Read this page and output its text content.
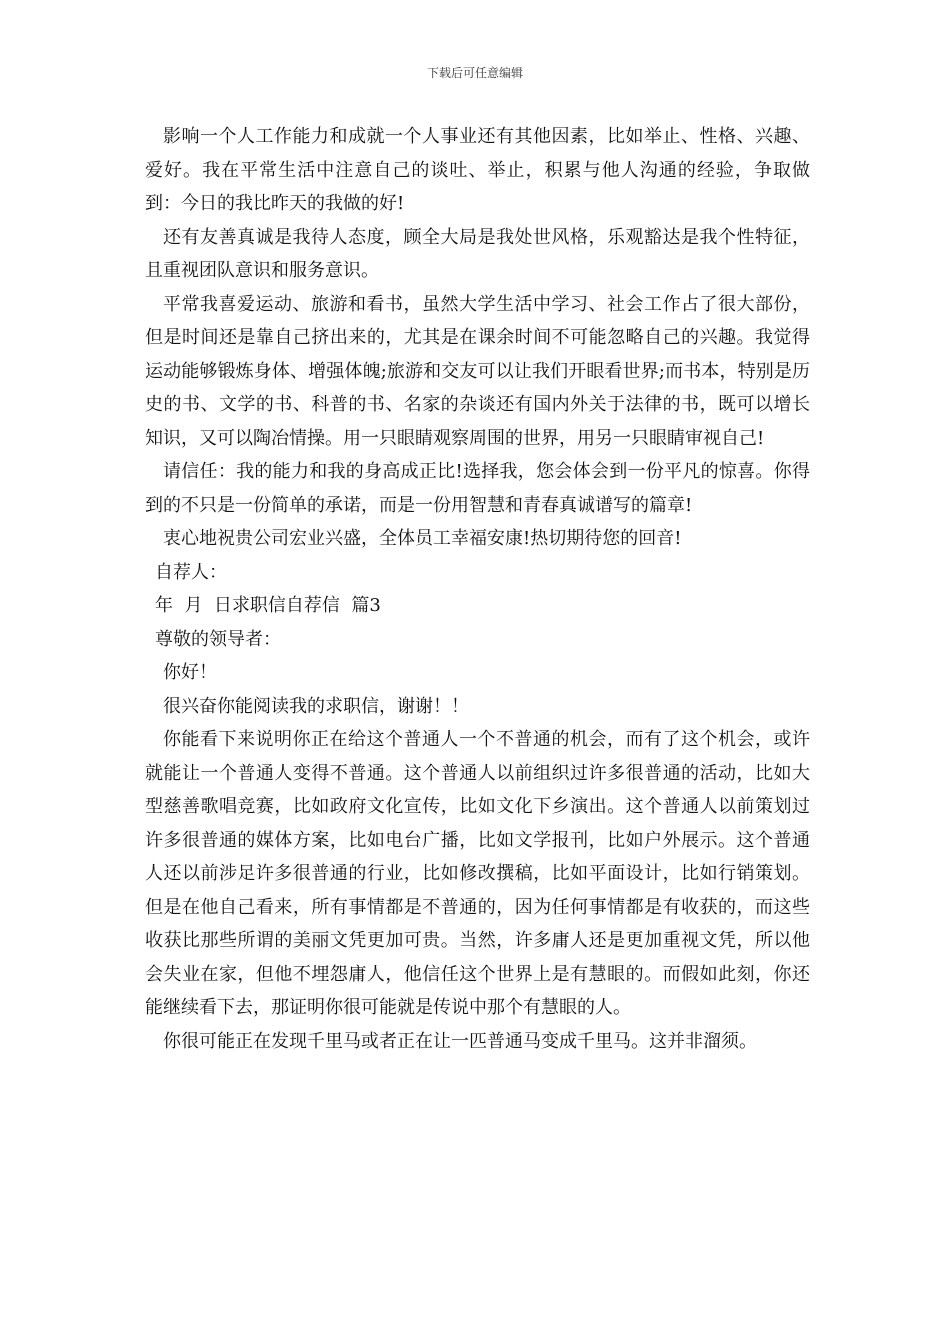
下载后可任意编辑

影响一个人工作能力和成就一个人事业还有其他因素，比如举止、性格、兴趣、爱好。我在平常生活中注意自己的谈吐、举止，积累与他人沟通的经验，争取做到：今日的我比昨天的我做的好!

还有友善真诚是我待人态度，顾全大局是我处世风格，乐观豁达是我个性特征，且重视团队意识和服务意识。

平常我喜爱运动、旅游和看书，虽然大学生活中学习、社会工作占了很大部份，但是时间还是靠自己挤出来的，尤其是在课余时间不可能忽略自己的兴趣。我觉得运动能够锻炼身体、增强体魄;旅游和交友可以让我们开眼看世界;而书本，特别是历史的书、文学的书、科普的书、名家的杂谈还有国内外关于法律的书，既可以增长知识，又可以陶冶情操。用一只眼睛观察周围的世界，用另一只眼睛审视自己!

请信任：我的能力和我的身高成正比!选择我，您会体会到一份平凡的惊喜。你得到的不只是一份简单的承诺，而是一份用智慧和青春真诚谱写的篇章!

衷心地祝贵公司宏业兴盛，全体员工幸福安康!热切期待您的回音!

自荐人：

年  月  日求职信自荐信  篇3

尊敬的领导者：

你好！

很兴奋你能阅读我的求职信，谢谢！！

你能看下来说明你正在给这个普通人一个不普通的机会，而有了这个机会，或许就能让一个普通人变得不普通。这个普通人以前组织过许多很普通的活动，比如大型慈善歌唱竞赛，比如政府文化宣传，比如文化下乡演出。这个普通人以前策划过许多很普通的媒体方案，比如电台广播，比如文学报刊，比如户外展示。这个普通人还以前涉足许多很普通的行业，比如修改撰稿，比如平面设计，比如行销策划。但是在他自己看来，所有事情都是不普通的，因为任何事情都是有收获的，而这些收获比那些所谓的美丽文凭更加可贵。当然，许多庸人还是更加重视文凭，所以他会失业在家，但他不埋怨庸人，他信任这个世界上是有慧眼的。而假如此刻，你还能继续看下去，那证明你很可能就是传说中那个有慧眼的人。

你很可能正在发现千里马或者正在让一匹普通马变成千里马。这并非溜须。
